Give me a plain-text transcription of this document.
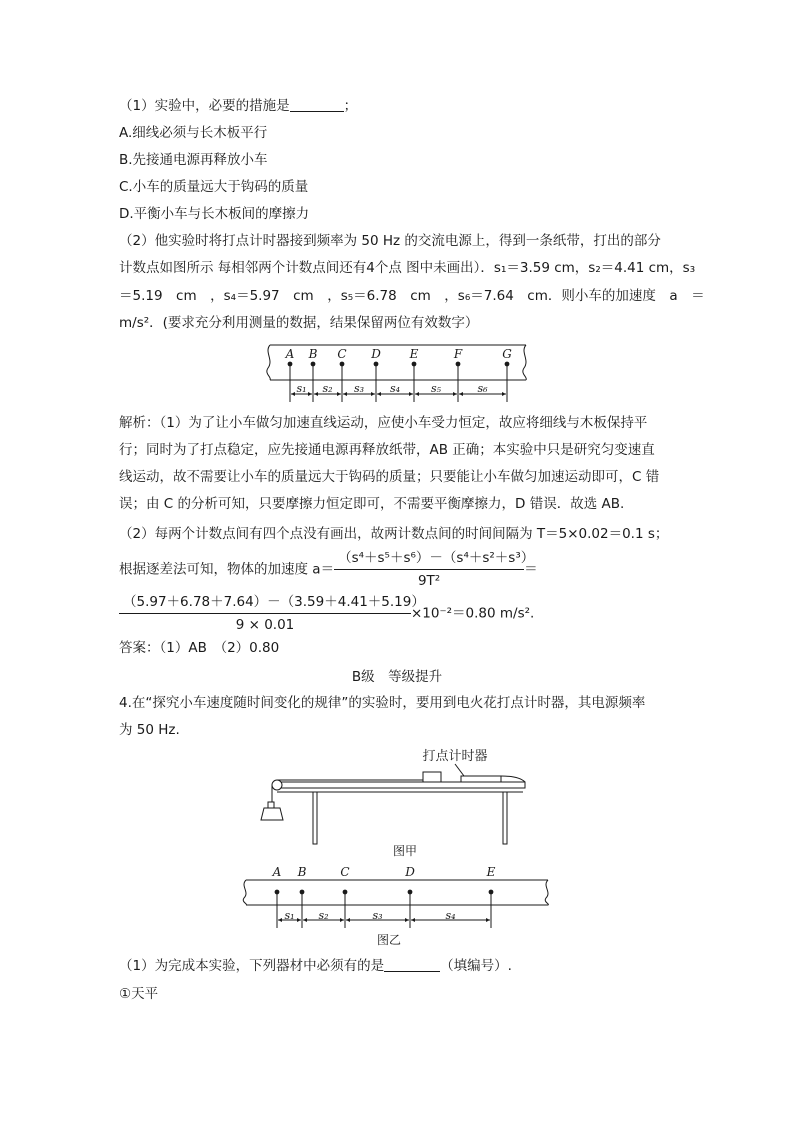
（1）实验中，必要的措施是	；
A.细线必须与长木板平行
B.先接通电源再释放小车
C.小车的质量远大于钩码的质量
D.平衡小车与长木板间的摩擦力
（2）他实验时将打点计时器接到频率为 50 Hz 的交流电源上，得到一条纸带，打出的部分
计数点如图所示 每相邻两个计数点间还有4个点 图中未画出）．s₁＝3.59 cm，s₂＝4.41 cm，s₃
＝5.19　cm　，s₄＝5.97　cm　，s₅＝6.78　cm　，s₆＝7.64　cm．则小车的加速度　a　＝
m/s²．(要求充分利用测量的数据，结果保留两位有效数字）
A B C D E	F	G
s₁ s₂ s₃ s₄	s₅	s₆
解析：（1）为了让小车做匀加速直线运动，应使小车受力恒定，故应将细线与木板保持平
行；同时为了打点稳定，应先接通电源再释放纸带，AB 正确；本实验中只是研究匀变速直
线运动，故不需要让小车的质量远大于钩码的质量；只要能让小车做匀加速运动即可，C 错
误；由 C 的分析可知，只要摩擦力恒定即可，不需要平衡摩擦力，D 错误．故选 AB.
（2）每两个计数点间有四个点没有画出，故两计数点间的时间间隔为 T＝5×0.02＝0.1 s；
根据逐差法可知，物体的加速度 $a= \frac{\text{（s⁴＋s⁵＋s⁶）－（s⁴＋s²＋s³）}}{\text{9T²}}$ ＝
$\frac{(5.97+6.78+7.64)-(3.59+4.41+5.19)}{9 \times 0.01} \times 10^{-2}=0.80$ m/s².
答案：（1）AB　（2）0.80
B级　等级提升
4.在“探究小车速度随时间变化的规律”的实验时，要用到电火花打点计时器，其电源频率
为 50 Hz.
打点计时器
图甲
A B	C	D	E
s₁ s₂	s₃	s₄
图乙
（1）为完成本实验，下列器材中必须有的是	（填编号）.
①天平
